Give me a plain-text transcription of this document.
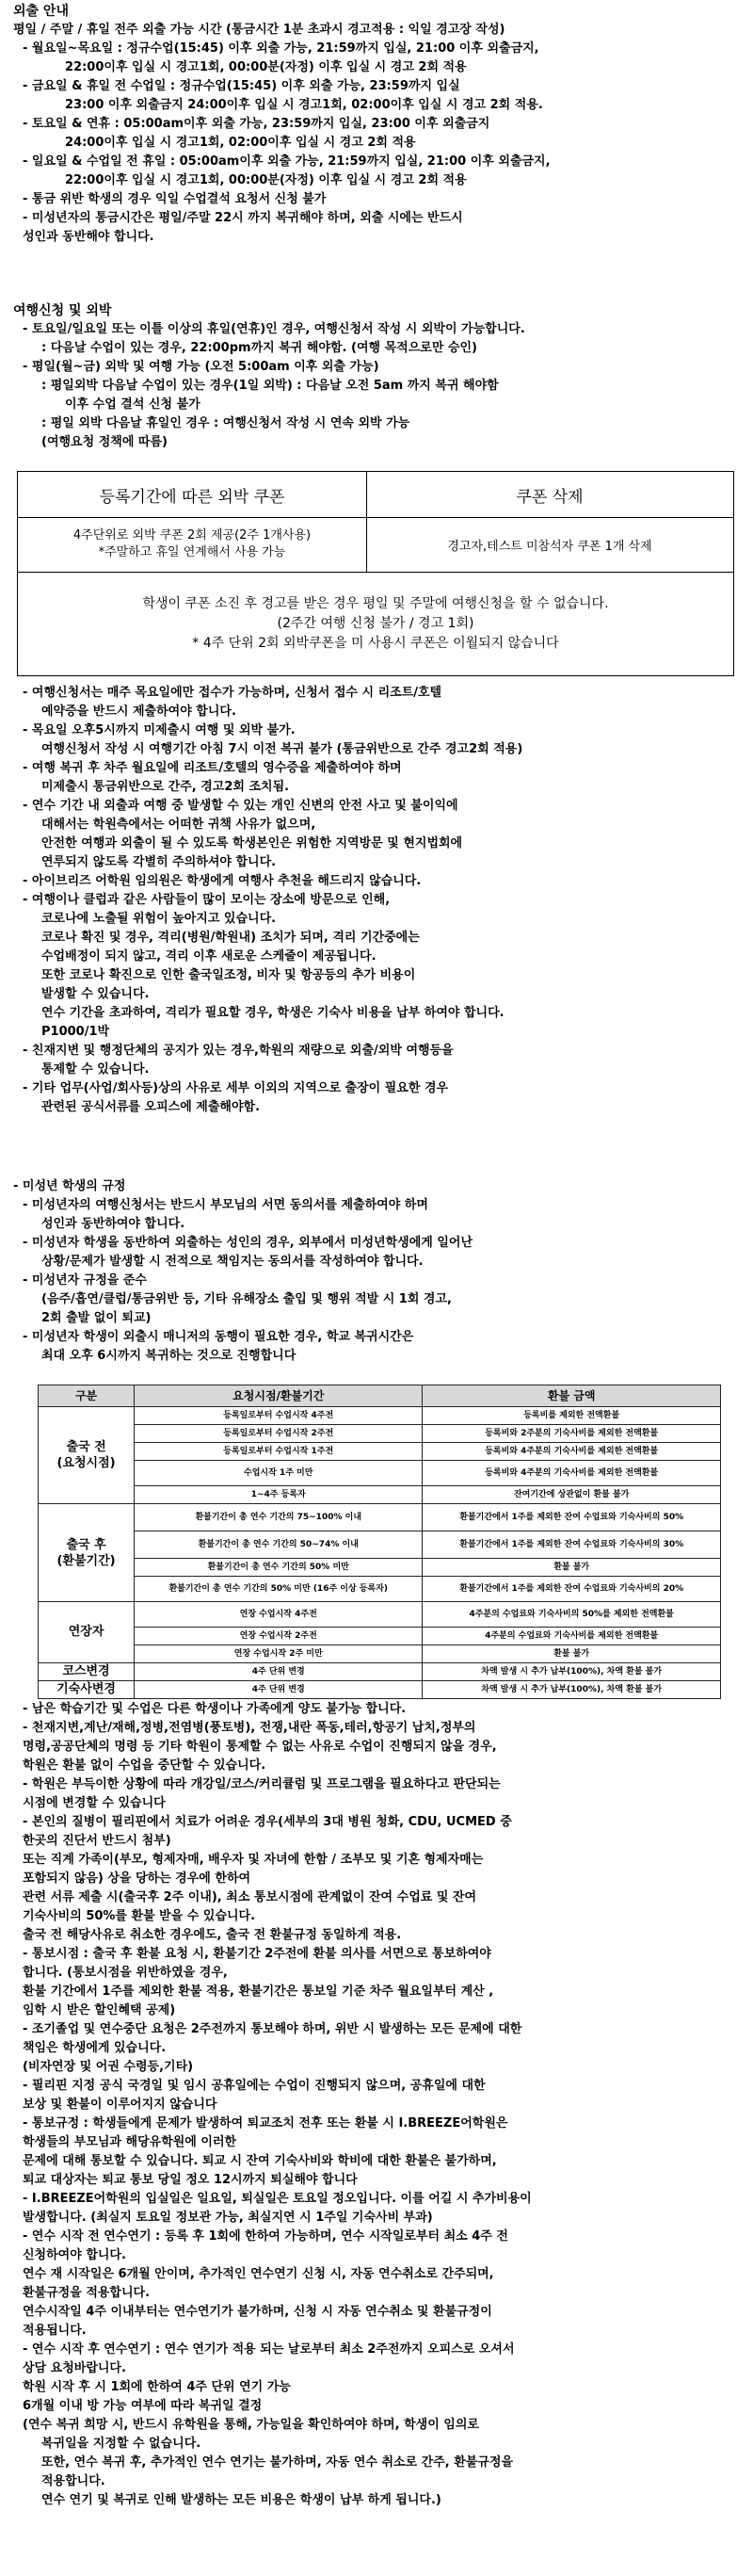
외출 안내
평일 / 주말 / 휴일 전주 외출 가능 시간 (통금시간 1분 초과시 경고적용 : 익일 경고장 작성)
- 월요일~목요일 : 정규수업(15:45) 이후 외출 가능, 21:59까지 입실, 21:00 이후 외출금지,
22:00이후 입실 시 경고1회, 00:00분(자정) 이후 입실 시 경고 2회 적용
- 금요일 & 휴일 전 수업일 : 정규수업(15:45) 이후 외출 가능, 23:59까지 입실
23:00 이후 외출금지 24:00이후 입실 시 경고1회, 02:00이후 입실 시 경고 2회 적용.
- 토요일 & 연휴 : 05:00am이후 외출 가능, 23:59까지 입실, 23:00 이후 외출금지
24:00이후 입실 시 경고1회, 02:00이후 입실 시 경고 2회 적용
- 일요일 & 수업일 전 휴일 : 05:00am이후 외출 가능, 21:59까지 입실, 21:00 이후 외출금지,
22:00이후 입실 시 경고1회, 00:00분(자정) 이후 입실 시 경고 2회 적용
- 통금 위반 학생의 경우 익일 수업결석 요청서 신청 불가
- 미성년자의 통금시간은 평일/주말 22시 까지 복귀해야 하며, 외출 시에는 반드시
성인과 동반해야 합니다.
여행신청 및 외박
- 토요일/일요일 또는 이틀 이상의 휴일(연휴)인 경우, 여행신청서 작성 시 외박이 가능합니다.
: 다음날 수업이 있는 경우, 22:00pm까지 복귀 해야함. (여행 목적으로만 승인)
- 평일(월~금) 외박 및 여행 가능 (오전 5:00am 이후 외출 가능)
: 평일외박 다음날 수업이 있는 경우(1일 외박) : 다음날 오전 5am 까지 복귀 해야함
이후 수업 결석 신청 불가
: 평일 외박 다음날 휴일인 경우 : 여행신청서 작성 시 연속 외박 가능
(여행요청 정책에 따름)
등록기간에 따른 외박 쿠폰	쿠폰 삭제
4주단위로 외박 쿠폰 2회 제공(2주 1개사용)
*주말하고 휴일 연계해서 사용 가능	경고자,테스트 미참석자 쿠폰 1개 삭제
학생이 쿠폰 소진 후 경고를 받은 경우 평일 및 주말에 여행신청을 할 수 없습니다.
(2주간 여행 신청 불가 / 경고 1회)
* 4주 단위 2회 외박쿠폰을 미 사용시 쿠폰은 이월되지 않습니다
- 여행신청서는 매주 목요일에만 접수가 가능하며, 신청서 접수 시 리조트/호텔
예약증을 반드시 제출하여야 합니다.
- 목요일 오후5시까지 미제출시 여행 및 외박 불가.
여행신청서 작성 시 여행기간 아침 7시 이전 복귀 불가 (통금위반으로 간주 경고2회 적용)
- 여행 복귀 후 차주 월요일에 리조트/호텔의 영수증을 제출하여야 하며
미제출시 통금위반으로 간주, 경고2회 조치됨.
- 연수 기간 내 외출과 여행 중 발생할 수 있는 개인 신변의 안전 사고 및 불이익에
대해서는 학원측에서는 어떠한 귀책 사유가 없으며,
안전한 여행과 외출이 될 수 있도록 학생본인은 위험한 지역방문 및 현지법회에
연루되지 않도록 각별히 주의하셔야 합니다.
- 아이브리즈 어학원 임의원은 학생에게 여행사 추천을 해드리지 않습니다.
- 여행이나 클럽과 같은 사람들이 많이 모이는 장소에 방문으로 인해,
코로나에 노출될 위험이 높아지고 있습니다.
코로나 확진 및 경우, 격리(병원/학원내) 조치가 되며, 격리 기간중에는
수업배정이 되지 않고, 격리 이후 새로운 스케줄이 제공됩니다.
또한 코로나 확진으로 인한 출국일조정, 비자 및 항공등의 추가 비용이
발생할 수 있습니다.
연수 기간을 초과하여, 격리가 필요할 경우, 학생은 기숙사 비용을 납부 하여야 합니다.
P1000/1박
- 친재지변 및 행정단체의 공지가 있는 경우,학원의 재량으로 외출/외박 여행등을
통제할 수 있습니다.
- 기타 업무(사업/회사등)상의 사유로 세부 이외의 지역으로 출장이 필요한 경우
관련된 공식서류를 오피스에 제출해야함.
- 미성년 학생의 규정
- 미성년자의 여행신청서는 반드시 부모님의 서면 동의서를 제출하여야 하며
성인과 동반하여야 합니다.
- 미성년자 학생을 동반하여 외출하는 성인의 경우, 외부에서 미성년학생에게 일어난
상황/문제가 발생할 시 전적으로 책임지는 동의서를 작성하여야 합니다.
- 미성년자 규정을 준수
(음주/흡연/클럽/통금위반 등, 기타 유해장소 출입 및 행위 적발 시 1회 경고,
2회 출발 없이 퇴교)
- 미성년자 학생이 외출시 매니저의 동행이 필요한 경우, 학교 복귀시간은
최대 오후 6시까지 복귀하는 것으로 진행합니다
구분	요청시점/환불기간	환불 금액
출국 전
(요청시점)	등록일로부터 수업시작 4주전	등록비를 제외한 전액환불
	등록일로부터 수업시작 2주전	등록비와 2주분의 기숙사비를 제외한 전액환불
	등록일로부터 수업시작 1주전	등록비와 4주분의 기숙사비를 제외한 전액환불
	수업시작 1주 미만	등록비와 4주분의 기숙사비를 제외한 전액환불
	1~4주 등록자	잔여기간에 상관없이 환불 불가
출국 후
(환불기간)	환불기간이 총 연수 기간의 75~100% 이내	환불기간에서 1주를 제외한 잔여 수업료와 기숙사비의 50%
	환불기간이 총 연수 기간의 50~74% 이내	환불기간에서 1주를 제외한 잔여 수업료와 기숙사비의 30%
	환불기간이 총 연수 기간의 50% 미만	환불 불가
	환불기간이 총 연수 기간의 50% 미만 (16주 이상 등록자)	환불기간에서 1주를 제외한 잔여 수업료와 기숙사비의 20%
연장자	연장 수업시작 4주전	4주분의 수업료와 기숙사비의 50%를 제외한 전액환불
	연장 수업시작 2주전	4주분의 수업료와 기숙사비를 제외한 전액환불
	연장 수업시작 2주 미만	환불 불가
코스변경	4주 단위 변경	차액 발생 시 추가 납부(100%), 차액 환불 불가
기숙사변경	4주 단위 변경	차액 발생 시 추가 납부(100%), 차액 환불 불가
- 남은 학습기간 및 수업은 다른 학생이나 가족에게 양도 불가능 합니다.
- 천재지변,계난/재해,정병,전염병(풍토병), 전쟁,내란 폭동,테러,항공기 납치,정부의
명령,공공단체의 명령 등 기타 학원이 통제할 수 없는 사유로 수업이 진행되지 않을 경우,
학원은 환불 없이 수업을 중단할 수 있습니다.
- 학원은 부득이한 상황에 따라 개강일/코스/커리큘럼 및 프로그램을 필요하다고 판단되는
시점에 변경할 수 있습니다
- 본인의 질병이 필리핀에서 치료가 어려운 경우(세부의 3대 병원 청화, CDU, UCMED 중
한곳의 진단서 반드시 첨부)
또는 직계 가족이(부모, 형제자매, 배우자 및 자녀에 한함 / 조부모 및 기혼 형제자매는
포함되지 않음) 상을 당하는 경우에 한하여
관련 서류 제출 시(출국후 2주 이내), 최소 통보시점에 관계없이 잔여 수업료 및 잔여
기숙사비의 50%를 환불 받을 수 있습니다.
출국 전 해당사유로 취소한 경우에도, 출국 전 환불규정 동일하게 적용.
- 통보시점 : 출국 후 환불 요청 시, 환불기간 2주전에 환불 의사를 서면으로 통보하여야
합니다. (통보시점을 위반하였을 경우,
환불 기간에서 1주를 제외한 환불 적용, 환불기간은 통보일 기준 차주 월요일부터 계산 ,
임학 시 받은 할인혜택 공제)
- 조기졸업 및 연수중단 요청은 2주전까지 통보해야 하며, 위반 시 발생하는 모든 문제에 대한
책임은 학생에게 있습니다.
(비자연장 및 어권 수령등,기타)
- 필리핀 지정 공식 국경일 및 임시 공휴일에는 수업이 진행되지 않으며, 공휴일에 대한
보상 및 환불이 이루어지지 않습니다
- 통보규정 : 학생들에게 문제가 발생하여 퇴교조치 전후 또는 환불 시 I.BREEZE어학원은
학생들의 부모님과 해당유학원에 이러한
문제에 대해 통보할 수 있습니다. 퇴교 시 잔여 기숙사비와 학비에 대한 환불은 불가하며,
퇴교 대상자는 퇴교 통보 당일 정오 12시까지 퇴실해야 합니다
- I.BREEZE어학원의 입실일은 일요일, 퇴실일은 토요일 정오입니다. 이를 어길 시 추가비용이
발생합니다. (최실지 토요일 정보관 가능, 최실지연 시 1주일 기숙사비 부과)
- 연수 시작 전 연수연기 : 등록 후 1회에 한하여 가능하며, 연수 시작일로부터 최소 4주 전
신청하여야 합니다.
연수 재 시작일은 6개월 안이며, 추가적인 연수연기 신청 시, 자동 연수취소로 간주되며,
환불규정을 적용합니다.
연수시작일 4주 이내부터는 연수연기가 불가하며, 신청 시 자동 연수취소 및 환불규정이
적용됩니다.
- 연수 시작 후 연수연기 : 연수 연기가 적용 되는 날로부터 최소 2주전까지 오피스로 오셔서
상담 요청바랍니다.
학원 시작 후 시 1회에 한하여 4주 단위 연기 가능
6개월 이내 방 가능 여부에 따라 복귀일 결정
(연수 복귀 희망 시, 반드시 유학원을 통해, 가능일을 확인하여야 하며, 학생이 임의로
복귀일을 지정할 수 없습니다.
또한, 연수 복귀 후, 추가적인 연수 연기는 불가하며, 자동 연수 취소로 간주, 환불규정을
적용합니다.
연수 연기 및 복귀로 인해 발생하는 모든 비용은 학생이 납부 하게 됩니다.)
